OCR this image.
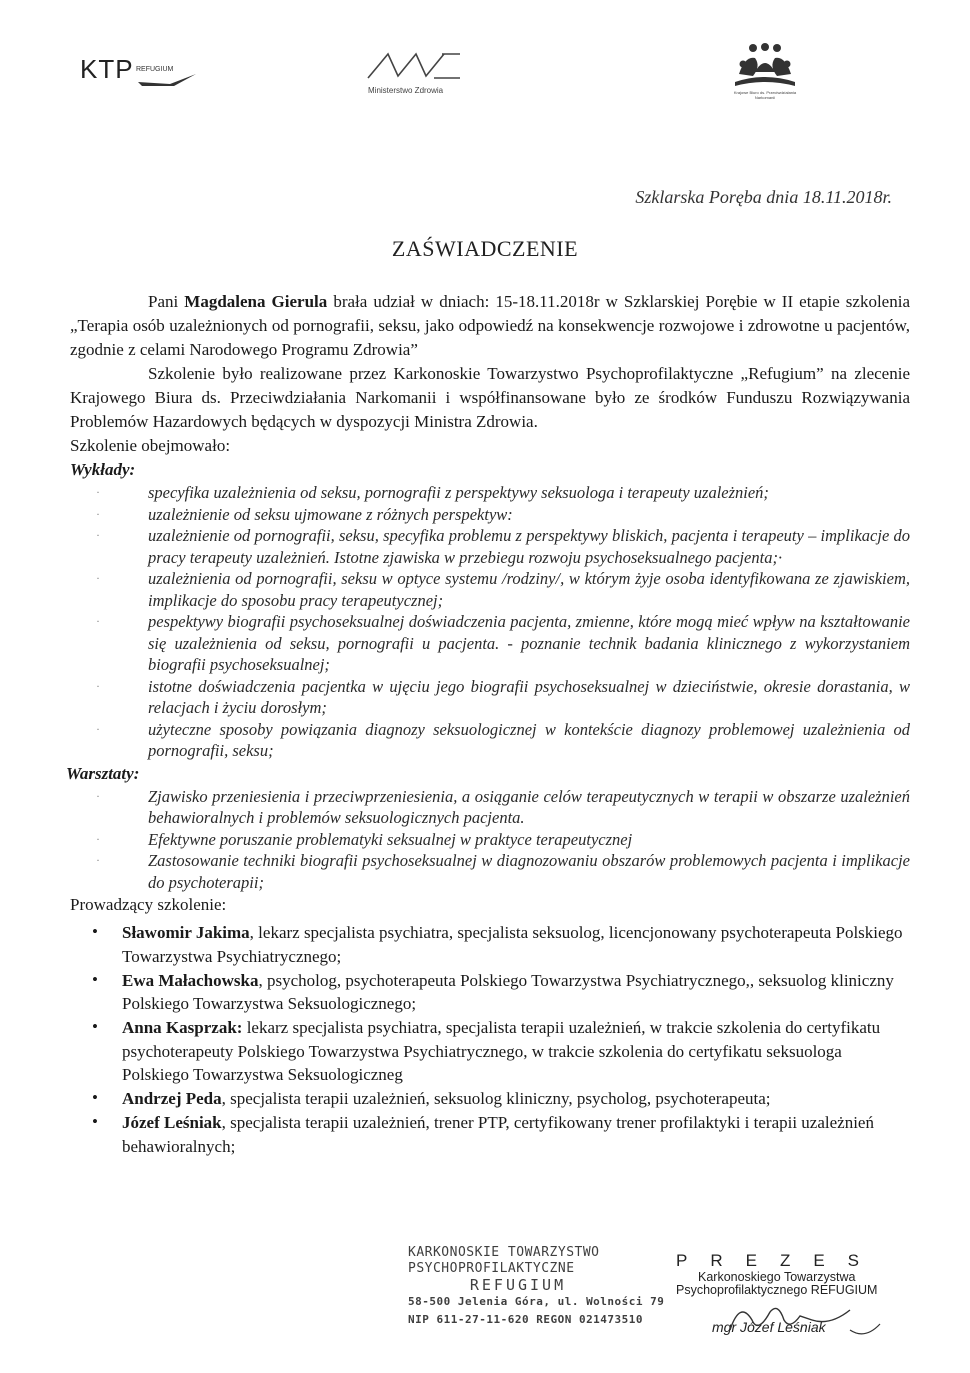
KTP REFUGIUM
Ministerstwo Zdrowia	Krajowe Biuro ds. Przeciwdziałania Narkomanii
Szklarska Poręba dnia 18.11.2018r.
ZAŚWIADCZENIE

Pani Magdalena Gierula brała udział w dniach: 15-18.11.2018r w Szklarskiej Porębie w II etapie szkolenia „Terapia osób uzależnionych od pornografii, seksu, jako odpowiedź na konsekwencje rozwojowe i zdrowotne u pacjentów, zgodnie z celami Narodowego Programu Zdrowia”

Szkolenie było realizowane przez Karkonoskie Towarzystwo Psychoprofilaktyczne „Refugium” na zlecenie Krajowego Biura ds. Przeciwdziałania Narkomanii i współfinansowane było ze środków Funduszu Rozwiązywania Problemów Hazardowych będących w dyspozycji Ministra Zdrowia.

Szkolenie obejmowało:

Wykłady:
·	specyfika uzależnienia od seksu, pornografii z perspektywy seksuologa i terapeuty uzależnień;
·	uzależnienie od seksu ujmowane z różnych perspektyw:
·	uzależnienie od pornografii, seksu, specyfika problemu z perspektywy bliskich, pacjenta i terapeuty – implikacje do pracy terapeuty uzależnień. Istotne zjawiska w przebiegu rozwoju psychoseksualnego pacjenta;·
·	uzależnienia od pornografii, seksu w optyce systemu /rodziny/, w którym żyje osoba identyfikowana ze zjawiskiem, implikacje do sposobu pracy terapeutycznej;
·	pespektywy biografii psychoseksualnej doświadczenia pacjenta, zmienne, które mogą mieć wpływ na kształtowanie się uzależnienia od seksu, pornografii u pacjenta. - poznanie technik badania klinicznego z wykorzystaniem biografii psychoseksualnej;
·	istotne doświadczenia pacjentka w ujęciu jego biografii psychoseksualnej w dzieciństwie, okresie dorastania, w relacjach i życiu dorosłym;
·	użyteczne sposoby powiązania diagnozy seksuologicznej w kontekście diagnozy problemowej uzależnienia od pornografii, seksu;
Warsztaty:
·	Zjawisko przeniesienia i przeciwprzeniesienia, a osiąganie celów terapeutycznych w terapii w obszarze uzależnień behawioralnych i problemów seksuologicznych pacjenta.
·	Efektywne poruszanie problematyki seksualnej w praktyce terapeutycznej
·	Zastosowanie techniki biografii psychoseksualnej w diagnozowaniu obszarów problemowych pacjenta i implikacje do psychoterapii;

Prowadzący szkolenie:

• Sławomir Jakima, lekarz specjalista psychiatra, specjalista seksuolog, licencjonowany psychoterapeuta Polskiego Towarzystwa Psychiatrycznego;
• Ewa Małachowska, psycholog, psychoterapeuta Polskiego Towarzystwa Psychiatrycznego,, seksuolog kliniczny Polskiego Towarzystwa Seksuologicznego;
• Anna Kasprzak: lekarz specjalista psychiatra, specjalista terapii uzależnień, w trakcie szkolenia do certyfikatu psychoterapeuty Polskiego Towarzystwa Psychiatrycznego, w trakcie szkolenia do certyfikatu seksuologa Polskiego Towarzystwa Seksuologiczneg
• Andrzej Peda, specjalista terapii uzależnień, seksuolog kliniczny, psycholog, psychoterapeuta;
• Józef Leśniak, specjalista terapii uzależnień, trener PTP, certyfikowany trener profilaktyki i terapii uzależnień behawioralnych;
KARKONOSKIE TOWARZYSTWO
PSYCHOPROFILAKTYCZNE
REFUGIUM
58-500 Jelenia Góra, ul. Wolności 79
NIP 611-27-11-620 REGON 021473510
PREZES
Karkonoskiego Towarzystwa
Psychoprofilaktycznego REFUGIUM
mgr Józef Leśniak
